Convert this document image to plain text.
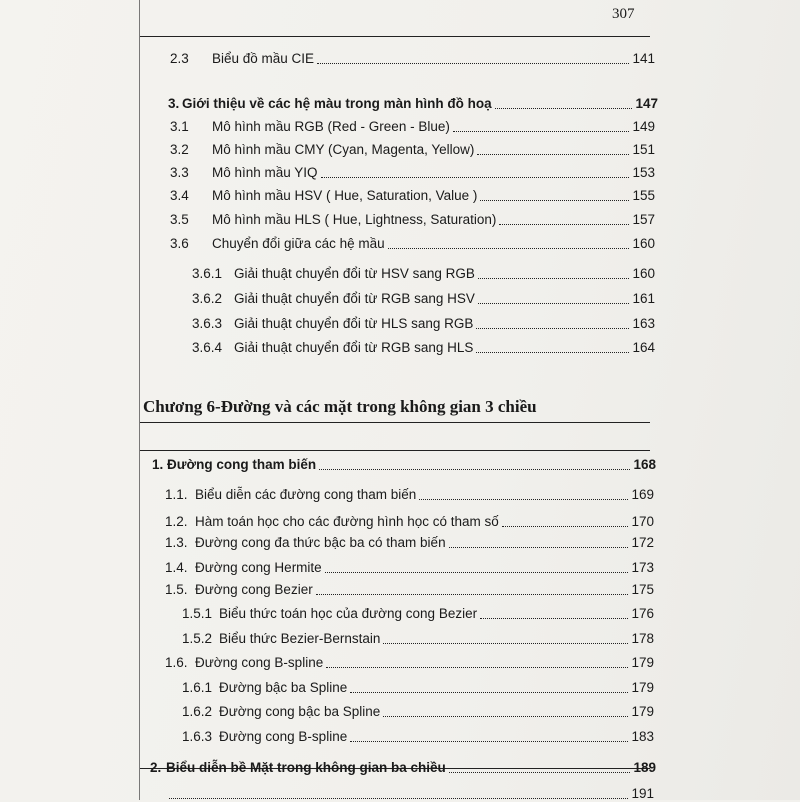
307
Chương 6-Đường và các mặt trong không gian 3 chiều
2.3	Biểu đồ mầu CIE	141
3. Giới thiệu về các hệ màu trong màn hình đồ hoạ	147
3.1	Mô hình mầu RGB (Red - Green - Blue)	149
3.2	Mô hình mầu CMY (Cyan, Magenta, Yellow)	151
3.3	Mô hình mầu YIQ	153
3.4	Mô hình mầu HSV ( Hue, Saturation, Value )	155
3.5	Mô hình mầu HLS ( Hue, Lightness, Saturation)	157
3.6	Chuyển đổi giữa các hệ mầu	160
3.6.1 Giải thuật chuyển đổi từ HSV sang RGB	160
3.6.2 Giải thuật chuyển đổi từ RGB sang HSV	161
3.6.3 Giải thuật chuyển đổi từ HLS sang RGB	163
3.6.4 Giải thuật chuyển đổi từ RGB sang HLS	164
1. Đường cong tham biến	168
1.1. Biểu diễn các đường cong tham biến	169
1.2. Hàm toán học cho các đường hình học có tham số	170
1.3. Đường cong đa thức bậc ba có tham biến	172
1.4. Đường cong Hermite	173
1.5. Đường cong Bezier	175
1.5.1 Biểu thức toán học của đường cong Bezier	176
1.5.2 Biểu thức Bezier-Bernstain	178
1.6. Đường cong B-spline	179
1.6.1 Đường bậc ba Spline	179
1.6.2 Đường cong bậc ba Spline	179
1.6.3 Đường cong B-spline	183
2. Biểu diễn bề Mặt trong không gian ba chiều	189
191
